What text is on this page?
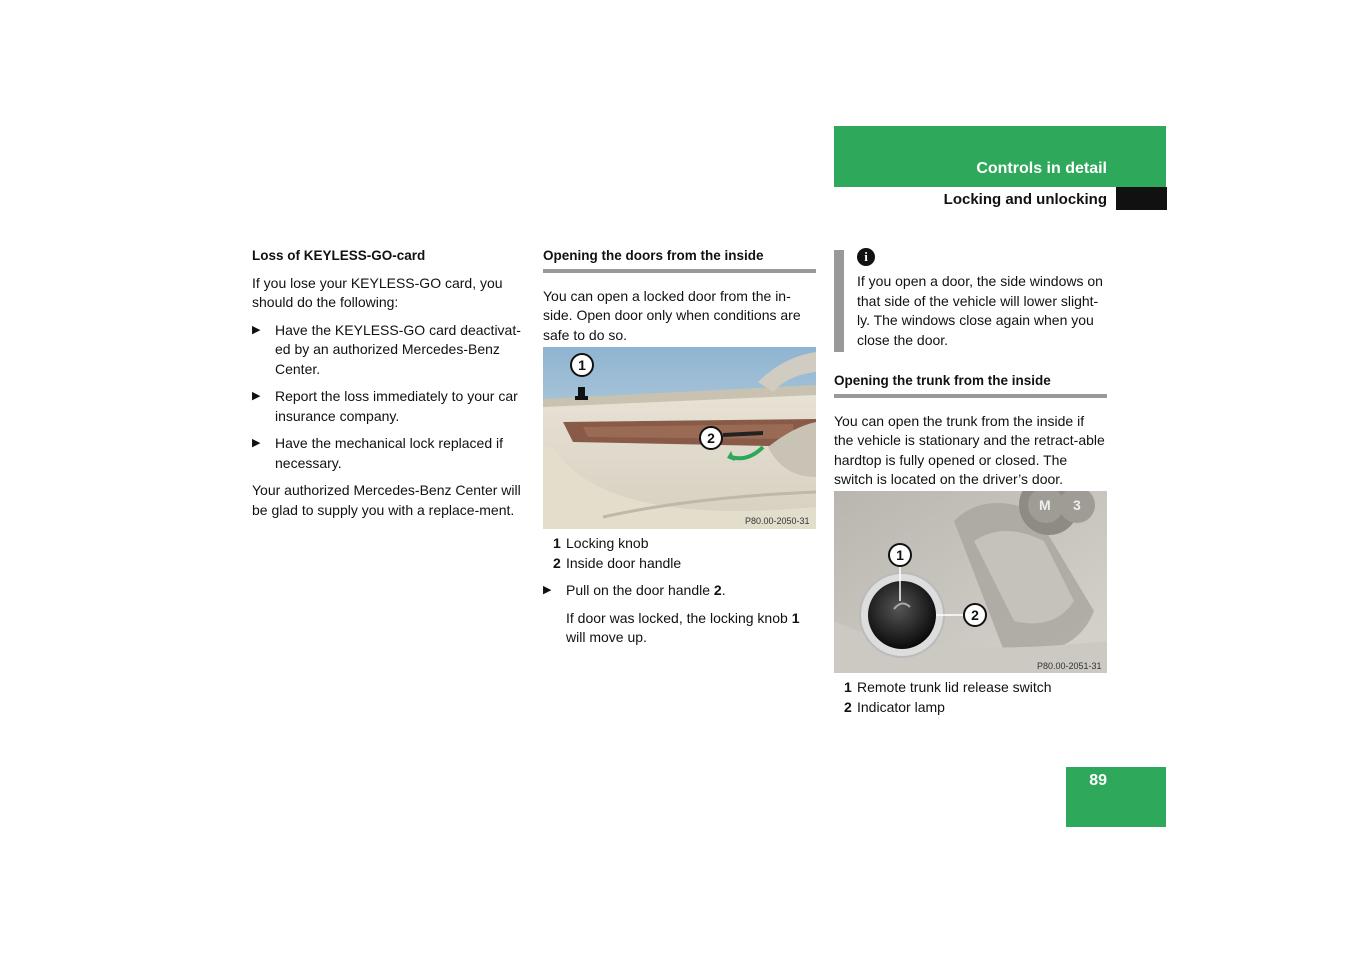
Controls in detail
Locking and unlocking

Loss of KEYLESS-GO-card

If you lose your KEYLESS-GO card, you should do the following:

▶ Have the KEYLESS-GO card deactivat-ed by an authorized Mercedes-Benz Center.
▶ Report the loss immediately to your car insurance company.
▶ Have the mechanical lock replaced if necessary.

Your authorized Mercedes-Benz Center will be glad to supply you with a replace-ment.

Opening the doors from the inside

You can open a locked door from the in-side. Open door only when conditions are safe to do so.

1
2
P80.00-2050-31

1 Locking knob

2 Inside door handle

▶ Pull on the door handle 2.

If door was locked, the locking knob 1
will move up.

i

If you open a door, the side windows on that side of the vehicle will lower slight-ly. The windows close again when you close the door.

Opening the trunk from the inside

You can open the trunk from the inside if the vehicle is stationary and the retract-able hardtop is fully opened or closed. The switch is located on the driver’s door.

M 3
1
2
P80.00-2051-31

1 Remote trunk lid release switch

2 Indicator lamp

89
